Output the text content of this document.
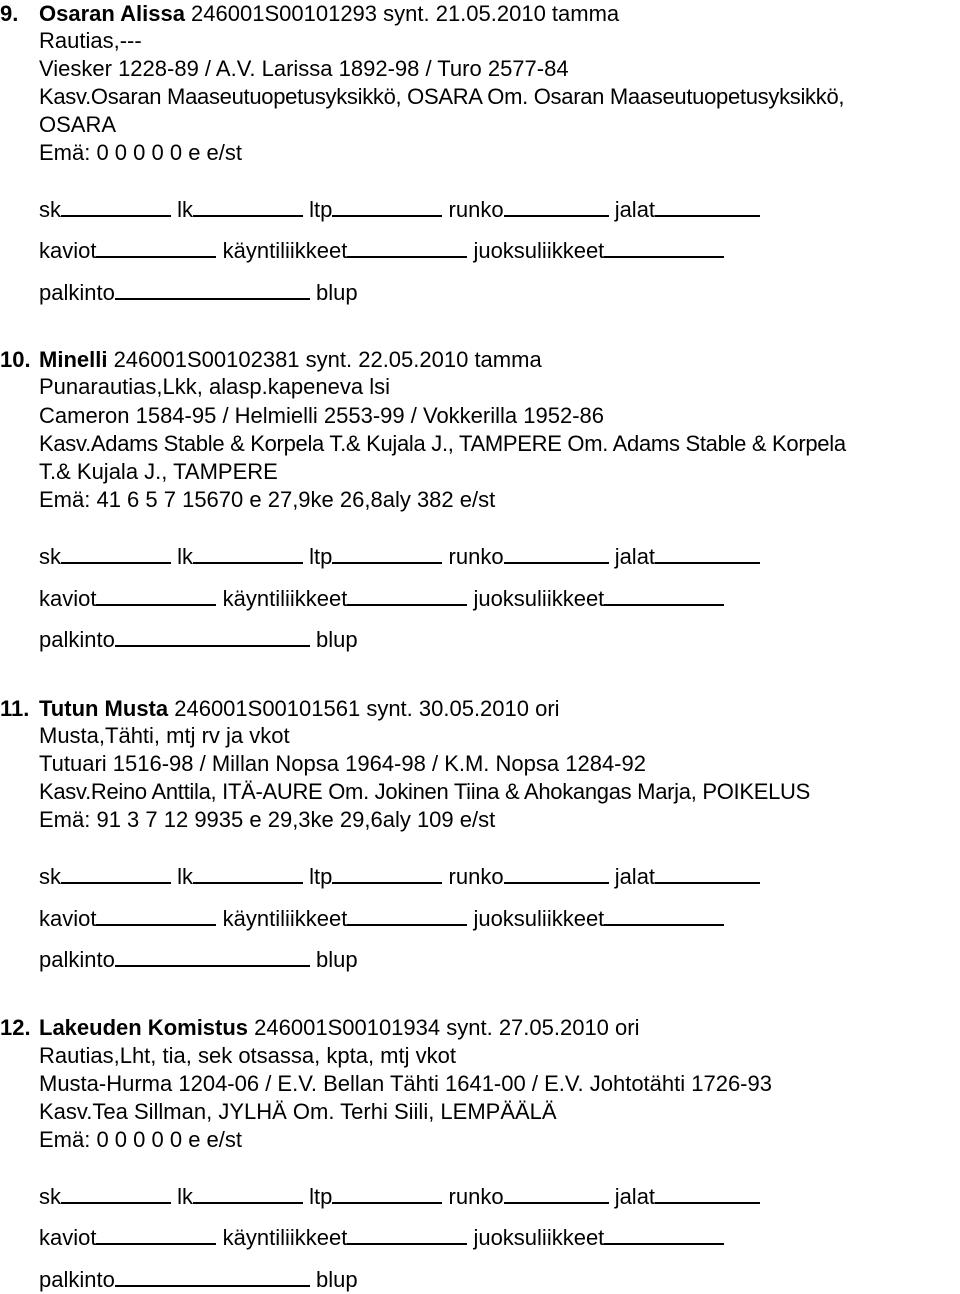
9. Osaran Alissa 246001S00101293 synt. 21.05.2010 tamma
Rautias,---
Viesker 1228-89 / A.V. Larissa 1892-98 / Turo 2577-84
Kasv.Osaran Maaseutuopetusyksikkö, OSARA Om. Osaran Maaseutuopetusyksikkö,
OSARA
Emä: 0 0 0 0 0 e e/st
sk	lk	ltp	runko	jalat
kaviot	käyntiliikkeet	juoksuliikkeet
palkinto	blup
10. Minelli 246001S00102381 synt. 22.05.2010 tamma
Punarautias,Lkk, alasp.kapeneva lsi
Cameron 1584-95 / Helmielli 2553-99 / Vokkerilla 1952-86
Kasv.Adams Stable & Korpela T.& Kujala J., TAMPERE Om. Adams Stable & Korpela
T.& Kujala J., TAMPERE
Emä: 41 6 5 7 15670 e 27,9ke 26,8aly 382 e/st
sk	lk	ltp	runko	jalat
kaviot	käyntiliikkeet	juoksuliikkeet
palkinto	blup
11. Tutun Musta 246001S00101561 synt. 30.05.2010 ori
Musta,Tähti, mtj rv ja vkot
Tutuari 1516-98 / Millan Nopsa 1964-98 / K.M. Nopsa 1284-92
Kasv.Reino Anttila, ITÄ-AURE Om. Jokinen Tiina & Ahokangas Marja, POIKELUS
Emä: 91 3 7 12 9935 e 29,3ke 29,6aly 109 e/st
sk	lk	ltp	runko	jalat
kaviot	käyntiliikkeet	juoksuliikkeet
palkinto	blup
12. Lakeuden Komistus 246001S00101934 synt. 27.05.2010 ori
Rautias,Lht, tia, sek otsassa, kpta, mtj vkot
Musta-Hurma 1204-06 / E.V. Bellan Tähti 1641-00 / E.V. Johtotähti 1726-93
Kasv.Tea Sillman, JYLHÄ Om. Terhi Siili, LEMPÄÄLÄ
Emä: 0 0 0 0 0 e e/st
sk	lk	ltp	runko	jalat
kaviot	käyntiliikkeet	juoksuliikkeet
palkinto	blup
